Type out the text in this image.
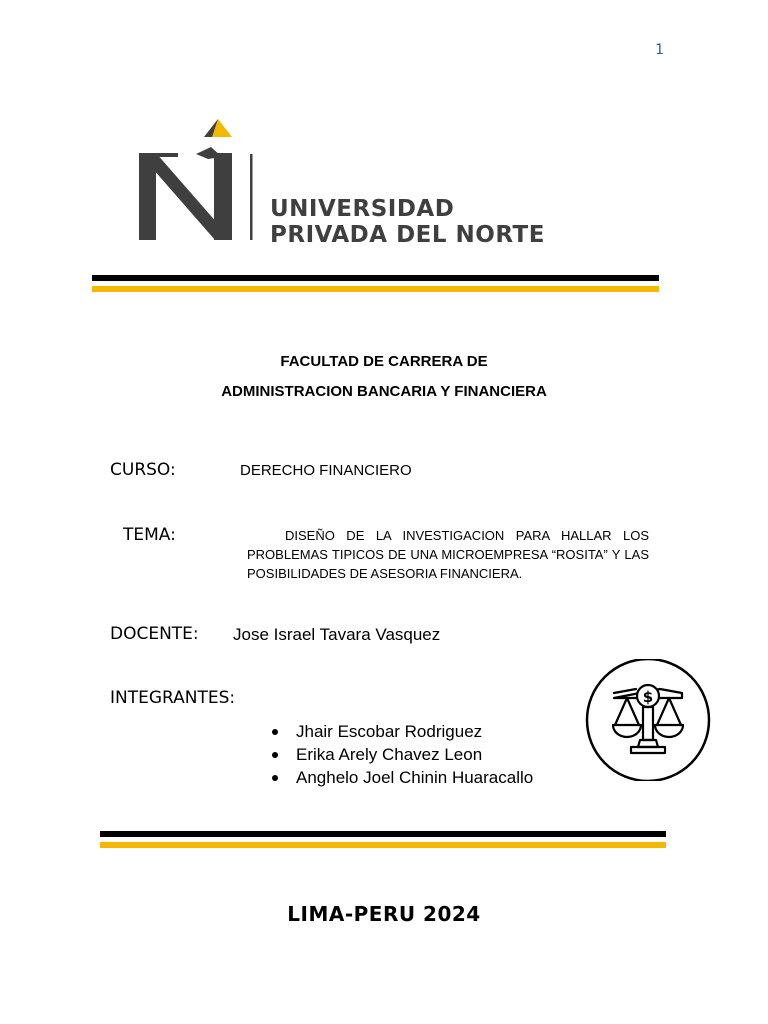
1
UNIVERSIDAD
PRIVADA DEL NORTE
FACULTAD DE CARRERA DE
ADMINISTRACION BANCARIA Y FINANCIERA
CURSO:	DERECHO FINANCIERO
TEMA:	DISEÑO DE LA INVESTIGACION PARA HALLAR LOS PROBLEMAS TIPICOS DE UNA MICROEMPRESA “ROSITA” Y LAS POSIBILIDADES DE ASESORIA FINANCIERA.
DOCENTE: Jose Israel Tavara Vasquez
INTEGRANTES:
Jhair Escobar Rodriguez
Erika Arely Chavez Leon
Anghelo Joel Chinin Huaracallo
$
LIMA-PERU 2024
